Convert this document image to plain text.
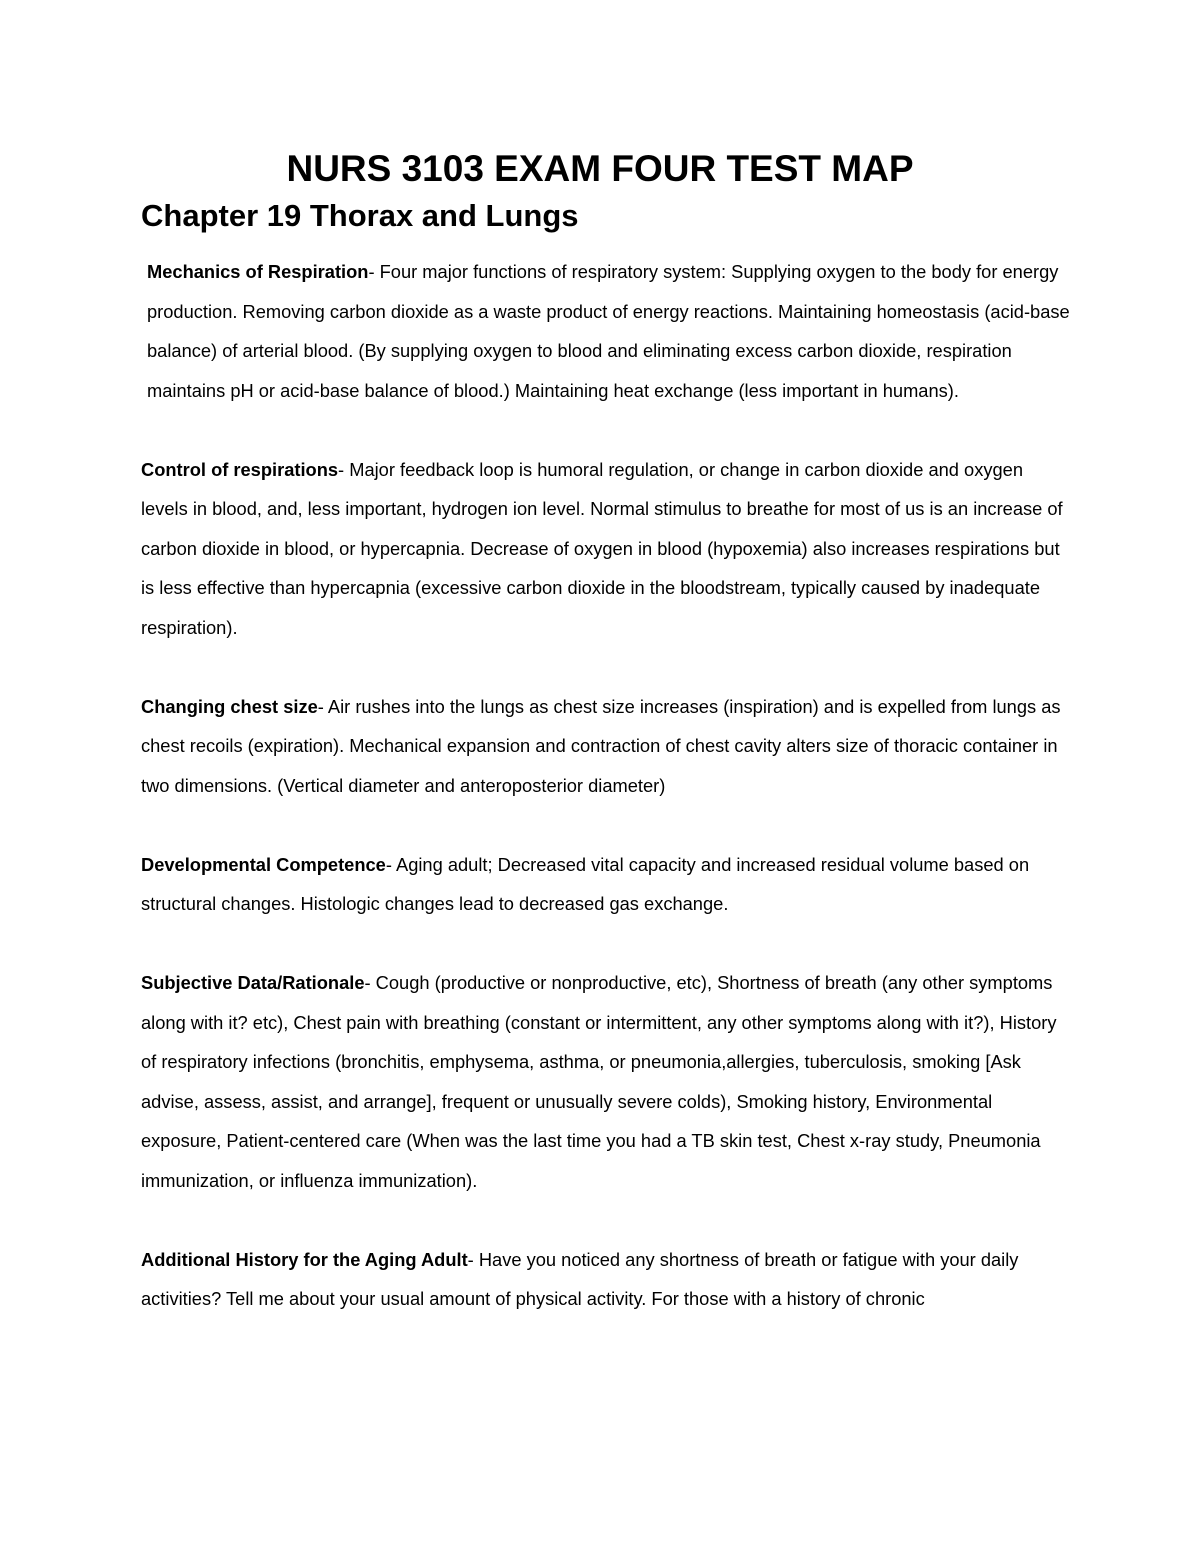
NURS 3103 EXAM FOUR TEST MAP
Chapter 19 Thorax and Lungs

Mechanics of Respiration- Four major functions of respiratory system: Supplying oxygen to the body for energy production. Removing carbon dioxide as a waste product of energy reactions. Maintaining homeostasis (acid-base balance) of arterial blood. (By supplying oxygen to blood and eliminating excess carbon dioxide, respiration maintains pH or acid-base balance of blood.) Maintaining heat exchange (less important in humans).

Control of respirations- Major feedback loop is humoral regulation, or change in carbon dioxide and oxygen levels in blood, and, less important, hydrogen ion level. Normal stimulus to breathe for most of us is an increase of carbon dioxide in blood, or hypercapnia. Decrease of oxygen in blood (hypoxemia) also increases respirations but is less effective than hypercapnia (excessive carbon dioxide in the bloodstream, typically caused by inadequate respiration).

Changing chest size- Air rushes into the lungs as chest size increases (inspiration) and is expelled from lungs as chest recoils (expiration). Mechanical expansion and contraction of chest cavity alters size of thoracic container in two dimensions. (Vertical diameter and anteroposterior diameter)

Developmental Competence- Aging adult; Decreased vital capacity and increased residual volume based on
structural changes. Histologic changes lead to decreased gas exchange.

Subjective Data/Rationale- Cough (productive or nonproductive, etc), Shortness of breath (any other symptoms along with it? etc), Chest pain with breathing (constant or intermittent, any other symptoms along with it?), History of respiratory infections (bronchitis, emphysema, asthma, or pneumonia,allergies, tuberculosis, smoking [Ask advise, assess, assist, and arrange], frequent or unusually severe colds), Smoking history, Environmental exposure, Patient-centered care (When was the last time you had a TB skin test, Chest x-ray study, Pneumonia immunization, or influenza immunization).

Additional History for the Aging Adult- Have you noticed any shortness of breath or fatigue with your daily activities? Tell me about your usual amount of physical activity. For those with a history of chronic
